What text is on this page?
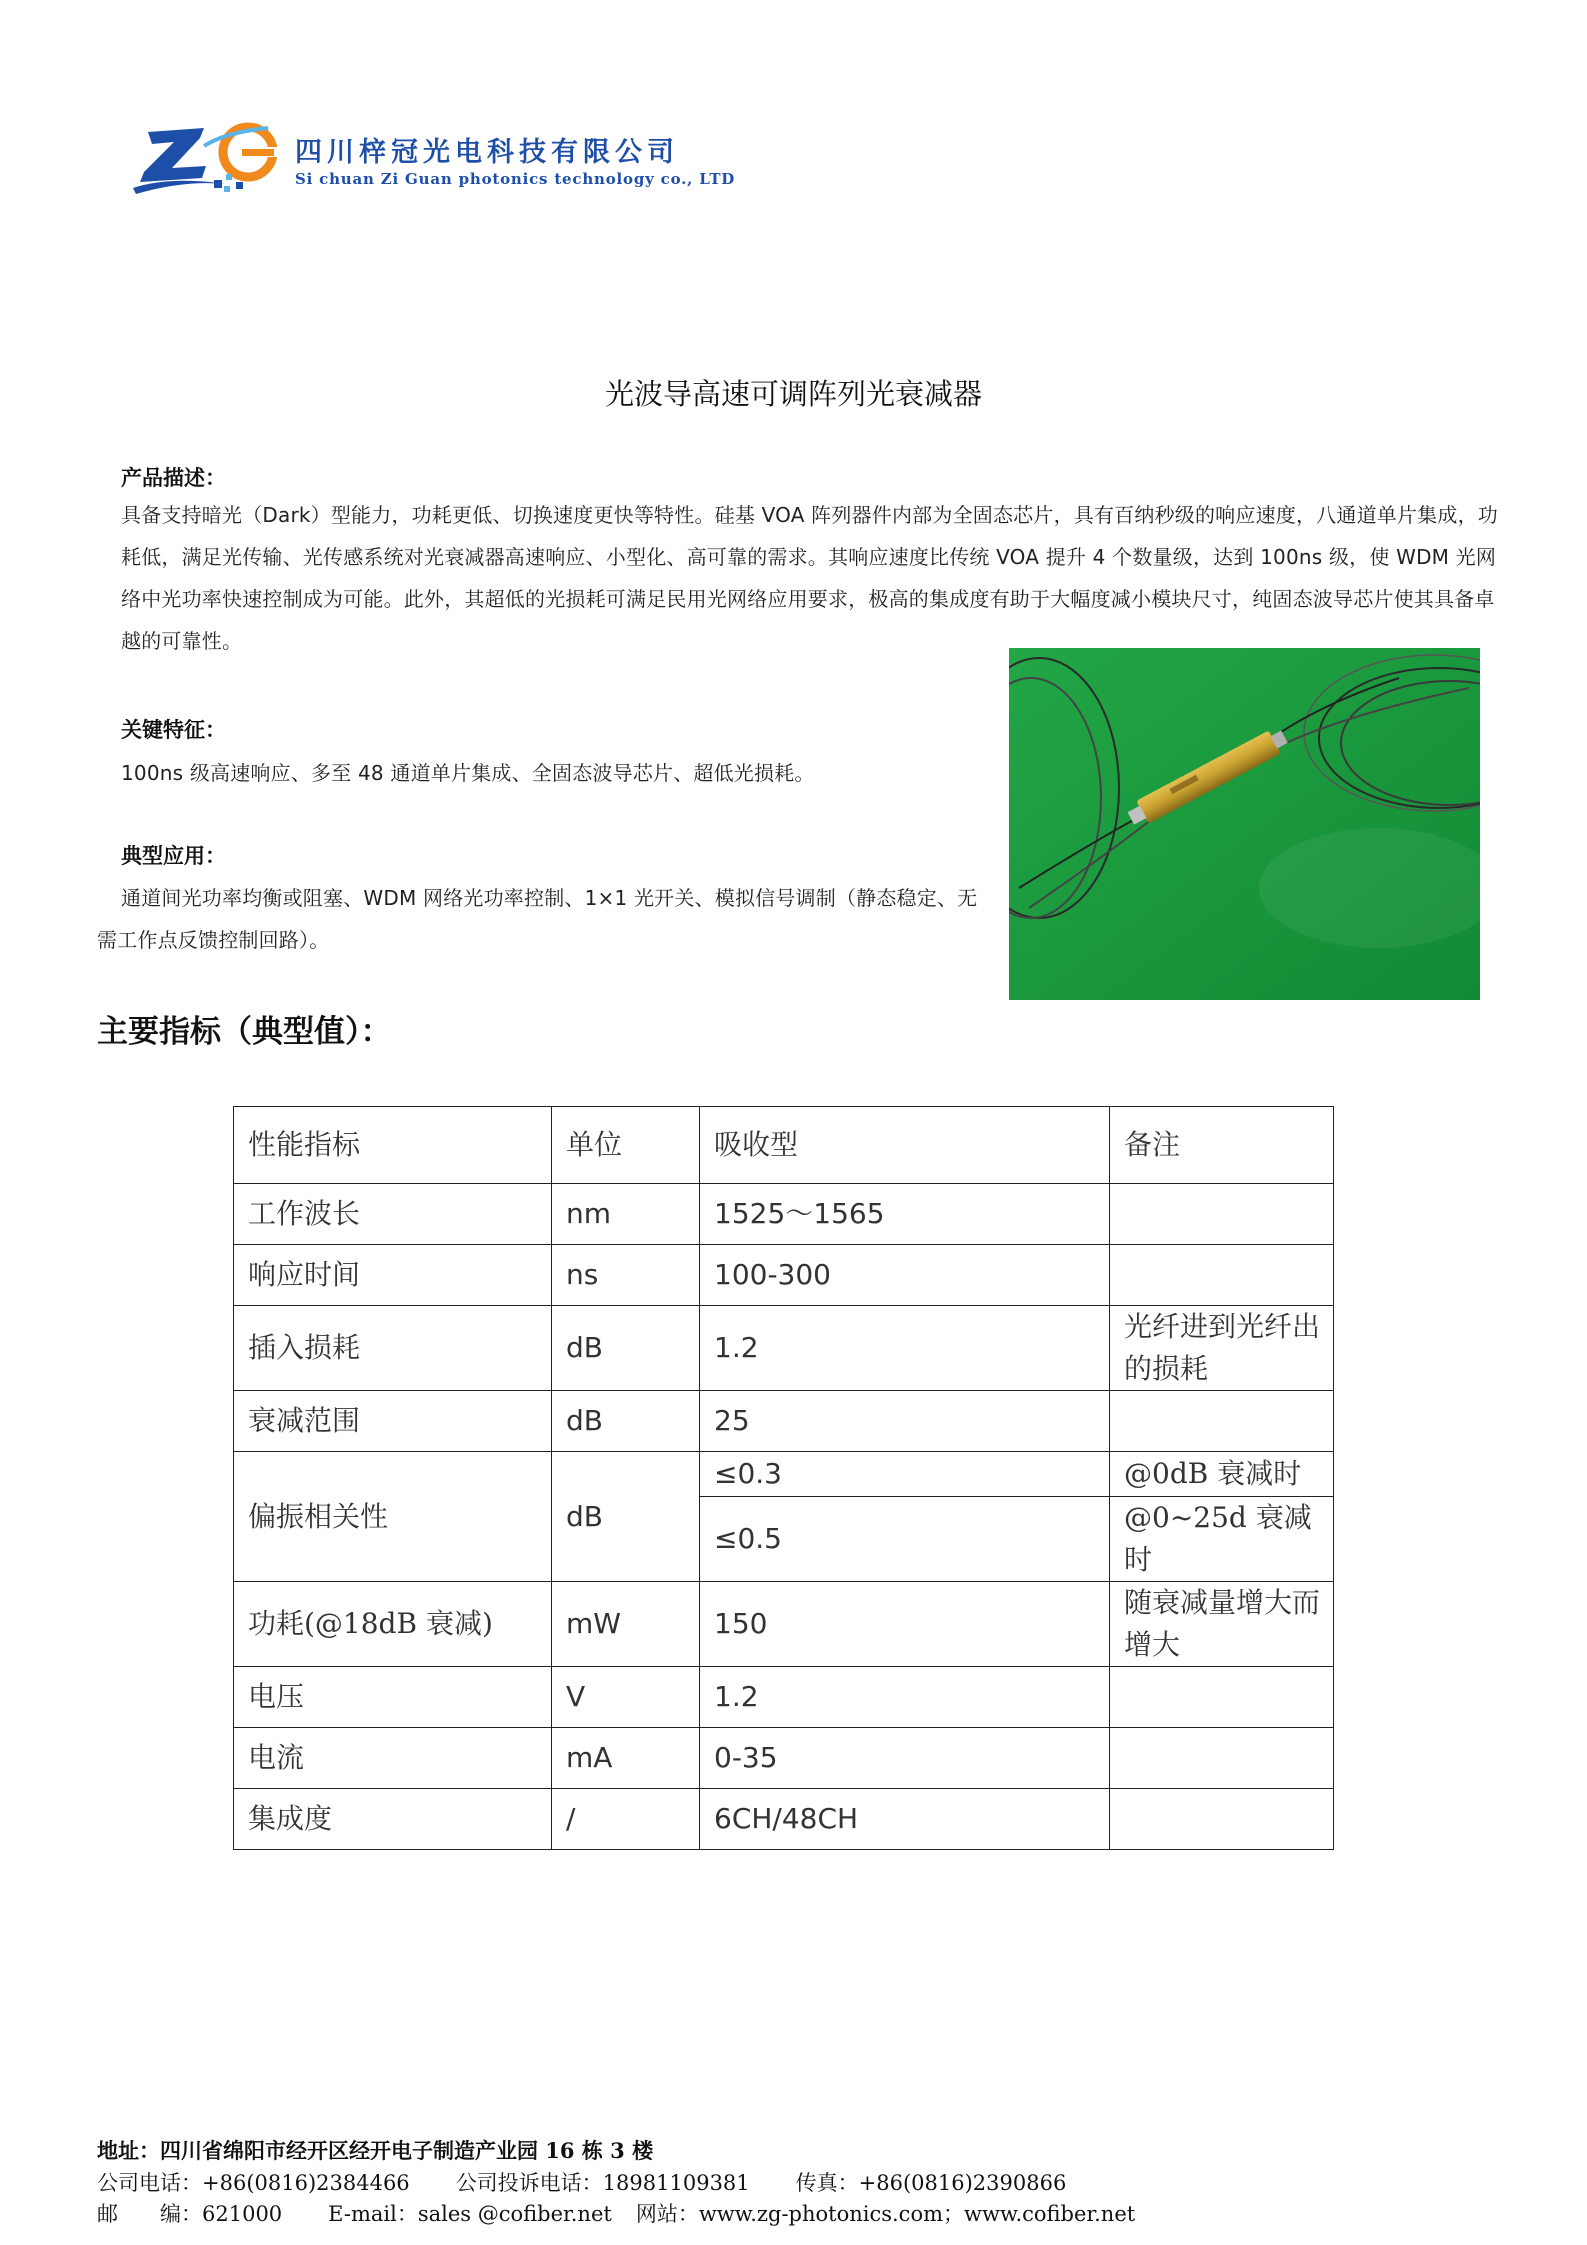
四川梓冠光电科技有限公司
Si chuan Zi Guan photonics technology co., LTD
光波导高速可调阵列光衰减器
产品描述：
具备支持暗光（Dark）型能力，功耗更低、切换速度更快等特性。硅基 VOA 阵列器件内部为全固态芯片，具有百纳秒级的响应速度，八通道单片集成，功耗低，满足光传输、光传感系统对光衰减器高速响应、小型化、高可靠的需求。其响应速度比传统 VOA 提升 4 个数量级，达到 100ns 级，使 WDM 光网络中光功率快速控制成为可能。此外，其超低的光损耗可满足民用光网络应用要求，极高的集成度有助于大幅度减小模块尺寸，纯固态波导芯片使其具备卓越的可靠性。
关键特征：
100ns 级高速响应、多至 48 通道单片集成、全固态波导芯片、超低光损耗。
典型应用：
通道间光功率均衡或阻塞、WDM 网络光功率控制、1×1 光开关、模拟信号调制（静态稳定、无需工作点反馈控制回路）。
主要指标（典型值）：
性能指标	单位	吸收型	备注
工作波长	nm	1525～1565	
响应时间	ns	100-300	
插入损耗	dB	1.2	光纤进到光纤出的损耗
衰减范围	dB	25	
偏振相关性	dB	≤0.3	@0dB 衰减时
		≤0.5	@0~25d 衰减时
功耗(@18dB 衰减)	mW	150	随衰减量增大而增大
电压	V	1.2	
电流	mA	0-35	
集成度	/	6CH/48CH	
地址：四川省绵阳市经开区经开电子制造产业园 16 栋 3 楼
公司电话：+86(0816)2384466 公司投诉电话：18981109381 传真：+86(0816)2390866
邮　　编：621000 E-mail：sales @cofiber.net 网站：www.zg-photonics.com；www.cofiber.net
